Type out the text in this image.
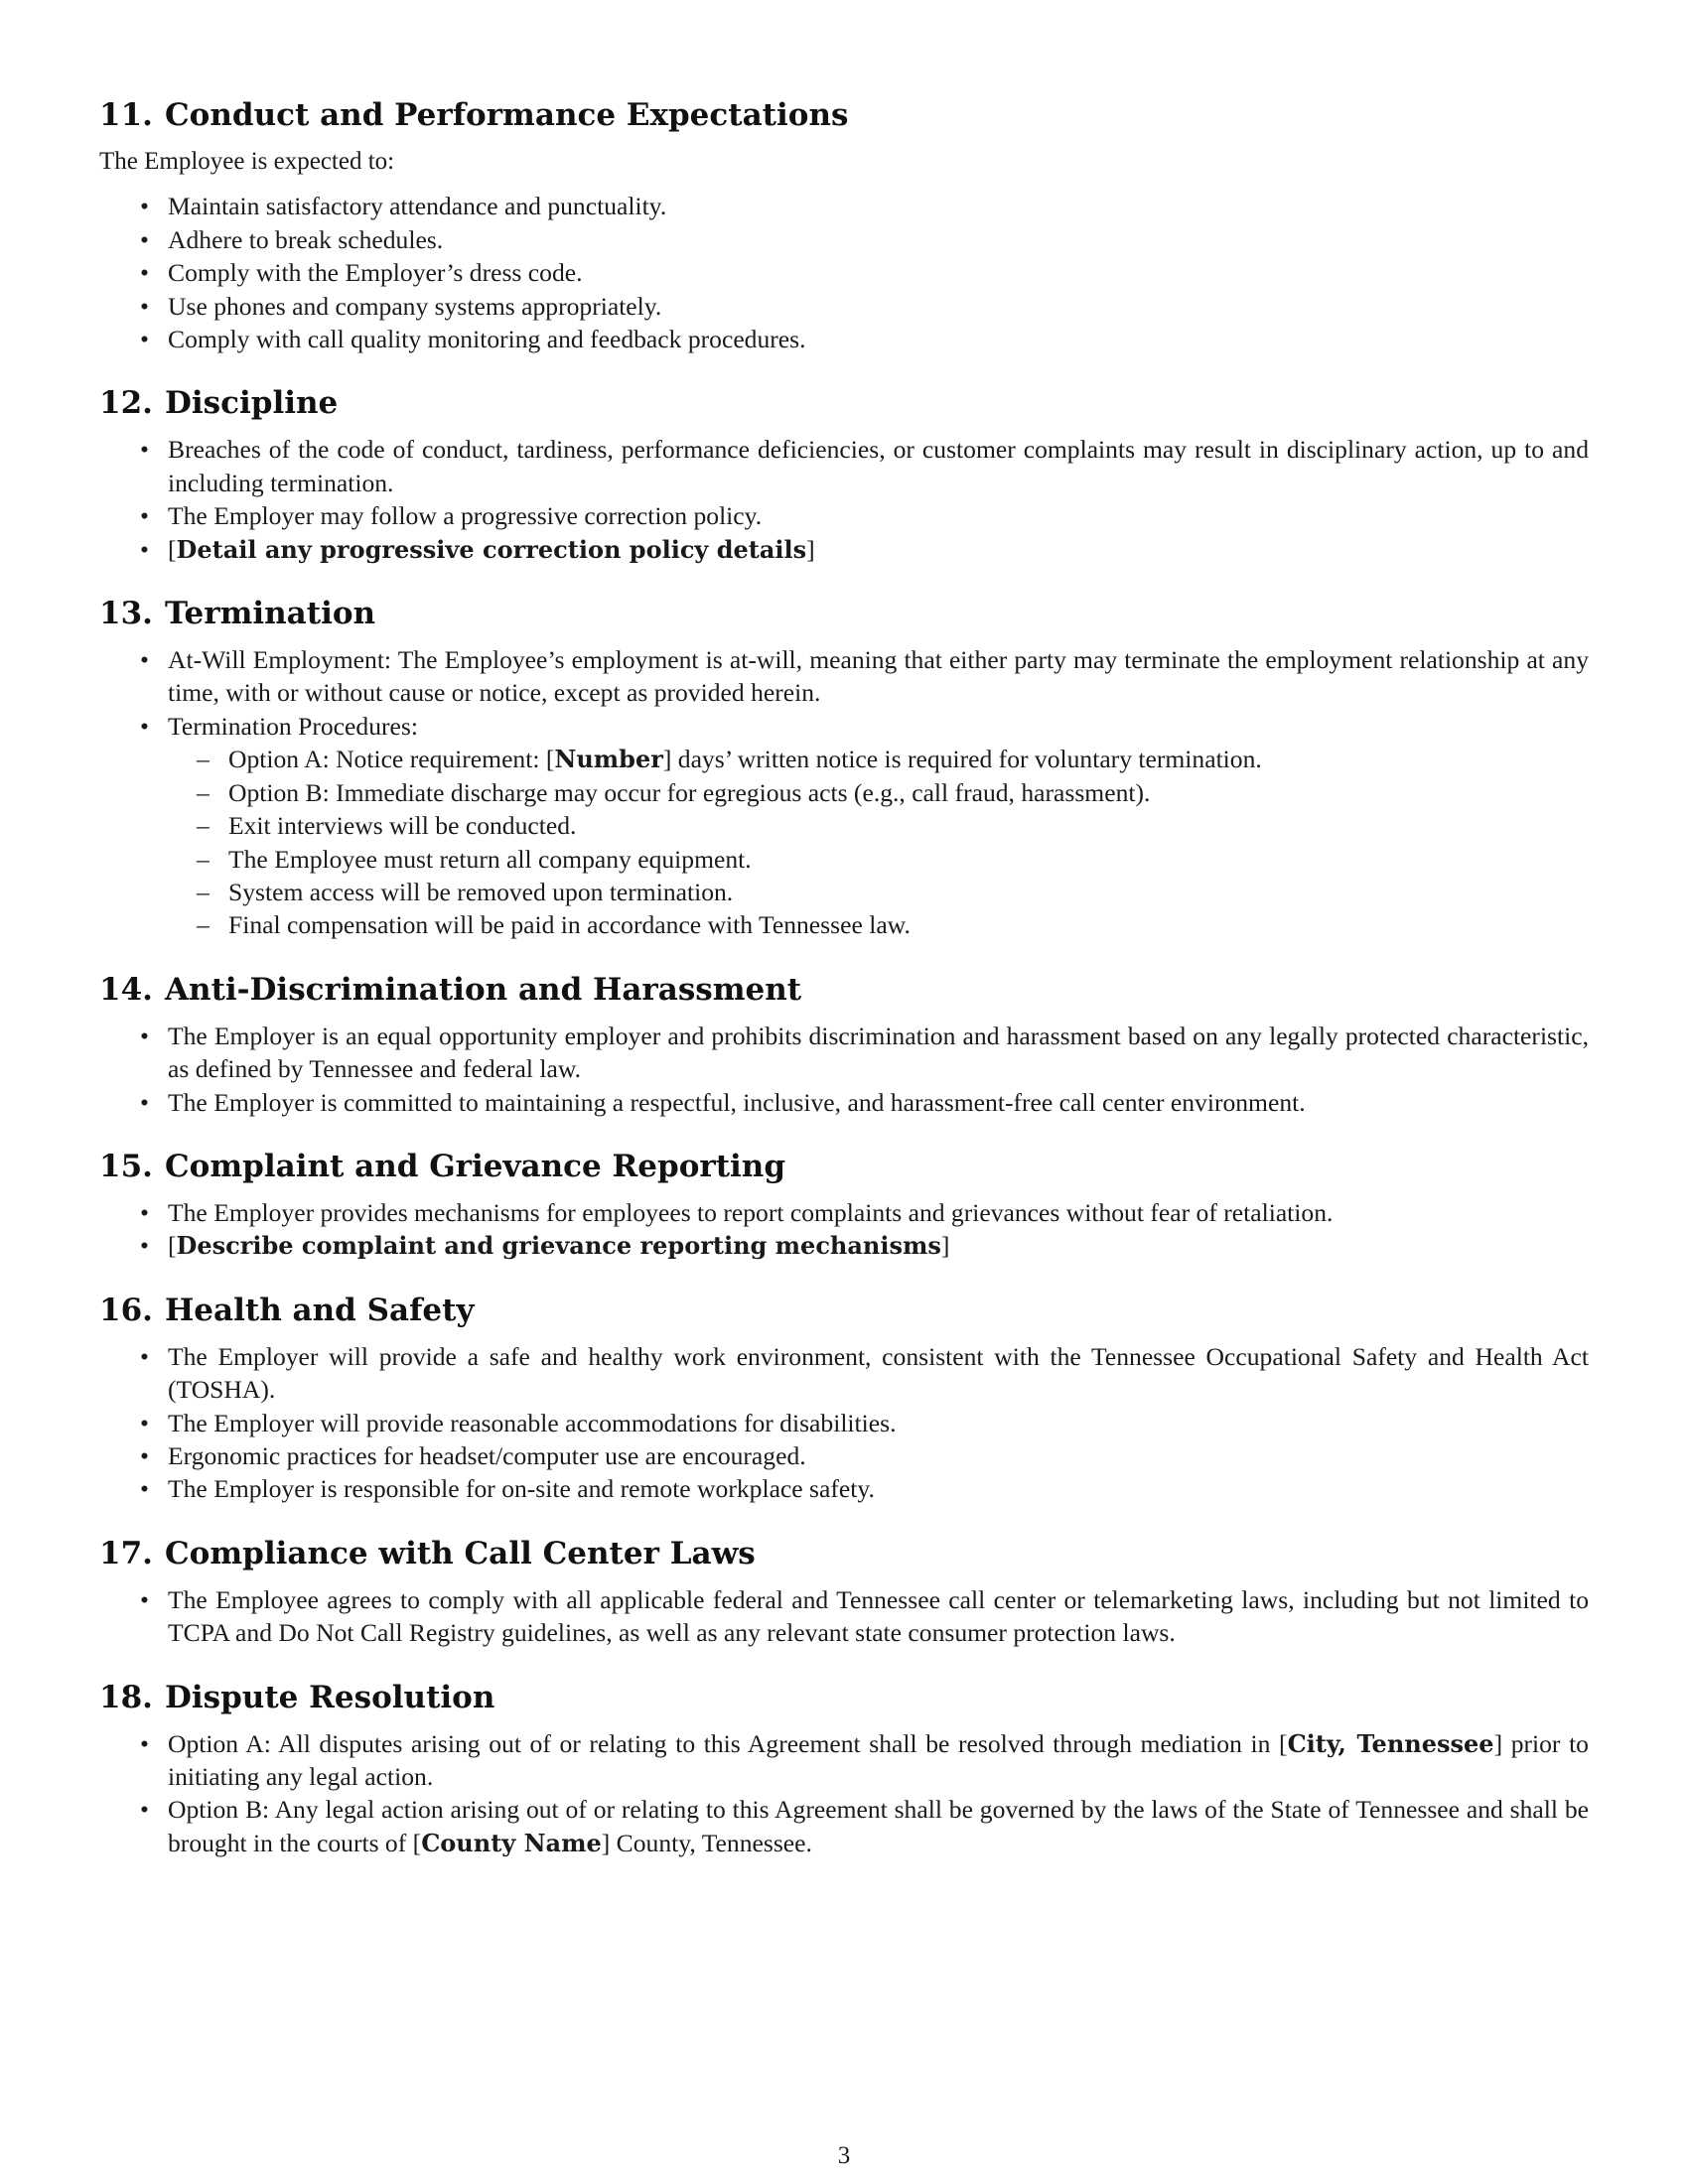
11. Conduct and Performance Expectations

The Employee is expected to:

• Maintain satisfactory attendance and punctuality.
• Adhere to break schedules.
• Comply with the Employer’s dress code.
• Use phones and company systems appropriately.
• Comply with call quality monitoring and feedback procedures.
12. Discipline
• Breaches of the code of conduct, tardiness, performance deficiencies, or customer complaints may result in disciplinary action, up to and including termination.
• The Employer may follow a progressive correction policy.
• [Detail any progressive correction policy details]
13. Termination
• At-Will Employment: The Employee’s employment is at-will, meaning that either party may terminate the employment relationship at any time, with or without cause or notice, except as provided herein.
• Termination Procedures:
– Option A: Notice requirement: [Number] days’ written notice is required for voluntary termination.
– Option B: Immediate discharge may occur for egregious acts (e.g., call fraud, harassment).
– Exit interviews will be conducted.
– The Employee must return all company equipment.
– System access will be removed upon termination.
– Final compensation will be paid in accordance with Tennessee law.
14. Anti-Discrimination and Harassment
• The Employer is an equal opportunity employer and prohibits discrimination and harassment based on any legally protected characteristic, as defined by Tennessee and federal law.
• The Employer is committed to maintaining a respectful, inclusive, and harassment-free call center environment.
15. Complaint and Grievance Reporting
• The Employer provides mechanisms for employees to report complaints and grievances without fear of retaliation.
• [Describe complaint and grievance reporting mechanisms]
16. Health and Safety
• The Employer will provide a safe and healthy work environment, consistent with the Tennessee Occupational Safety and Health Act (TOSHA).
• The Employer will provide reasonable accommodations for disabilities.
• Ergonomic practices for headset/computer use are encouraged.
• The Employer is responsible for on-site and remote workplace safety.
17. Compliance with Call Center Laws
• The Employee agrees to comply with all applicable federal and Tennessee call center or telemarketing laws, including but not limited to TCPA and Do Not Call Registry guidelines, as well as any relevant state consumer protection laws.
18. Dispute Resolution
• Option A: All disputes arising out of or relating to this Agreement shall be resolved through mediation in [City, Tennessee] prior to initiating any legal action.
• Option B: Any legal action arising out of or relating to this Agreement shall be governed by the laws of the State of Tennessee and shall be brought in the courts of [County Name] County, Tennessee.
3
